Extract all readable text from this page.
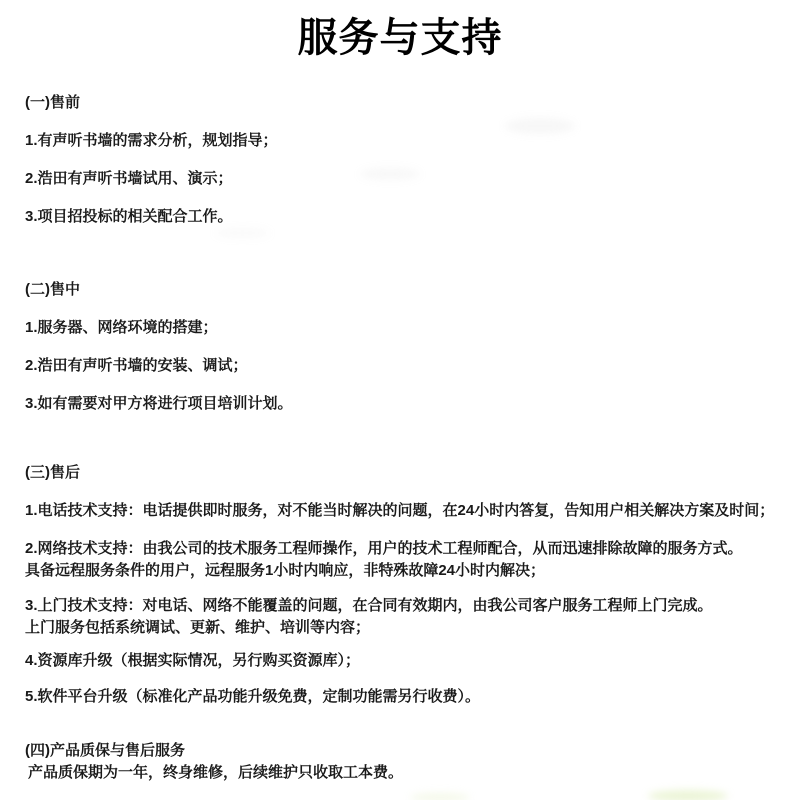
服务与支持
(一)售前
1.有声听书墙的需求分析，规划指导；
2.浩田有声听书墙试用、演示；
3.项目招投标的相关配合工作。
(二)售中
1.服务器、网络环境的搭建；
2.浩田有声听书墙的安装、调试；
3.如有需要对甲方将进行项目培训计划。
(三)售后
1.电话技术支持：电话提供即时服务，对不能当时解决的问题，在24小时内答复，告知用户相关解决方案及时间；
2.网络技术支持：由我公司的技术服务工程师操作，用户的技术工程师配合，从而迅速排除故障的服务方式。
具备远程服务条件的用户，远程服务1小时内响应，非特殊故障24小时内解决；
3.上门技术支持：对电话、网络不能覆盖的问题，在合同有效期内，由我公司客户服务工程师上门完成。
上门服务包括系统调试、更新、维护、培训等内容；
4.资源库升级（根据实际情况，另行购买资源库）；
5.软件平台升级（标准化产品功能升级免费，定制功能需另行收费）。
(四)产品质保与售后服务
产品质保期为一年，终身维修，后续维护只收取工本费。
